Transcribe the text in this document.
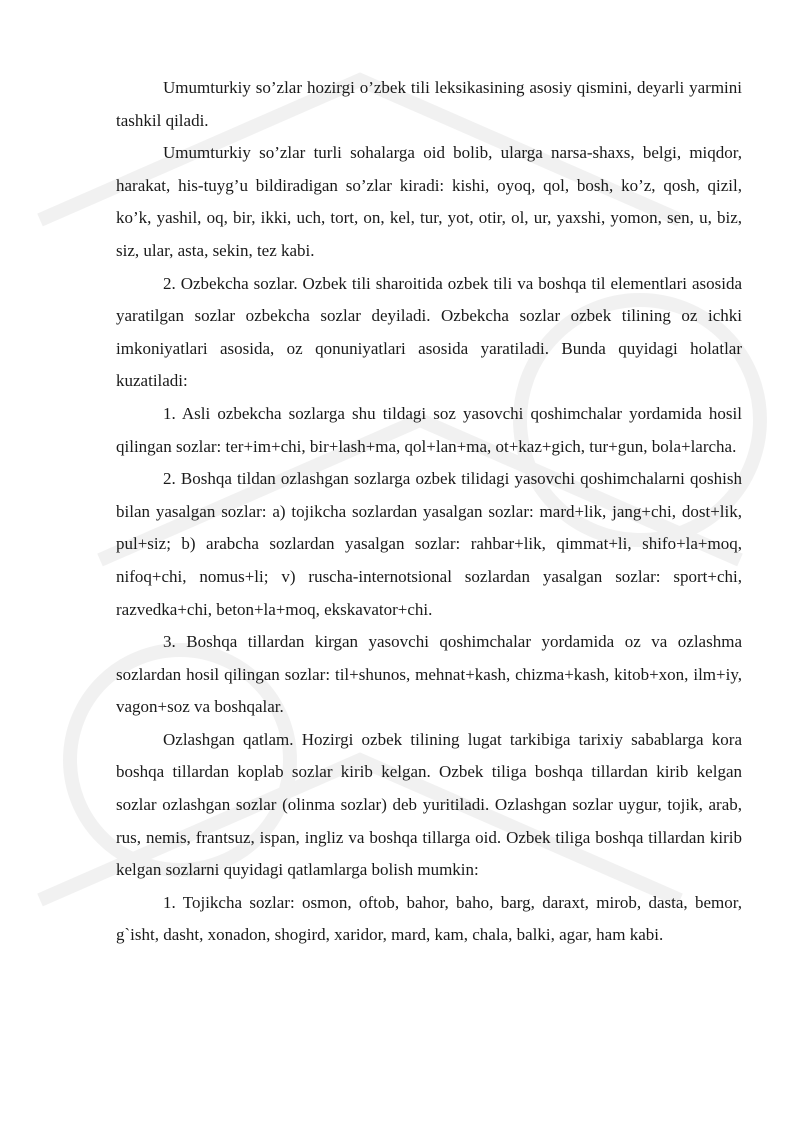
Umumturkiy so’zlar hozirgi o’zbek tili leksikasining asosiy qismini, deyarli yarmini tashkil qiladi.

Umumturkiy so’zlar turli sohalarga oid bolib, ularga narsa-shaxs, belgi, miqdor, harakat, his-tuyg’u bildiradigan so’zlar kiradi: kishi, oyoq, qol, bosh, ko’z, qosh, qizil, ko’k, yashil, oq, bir, ikki, uch, tort, on, kel, tur, yot, otir, ol, ur, yaxshi, yomon, sen, u, biz, siz, ular, asta, sekin, tez kabi.

2. Ozbekcha sozlar. Ozbek tili sharoitida ozbek tili va boshqa til elementlari asosida yaratilgan sozlar ozbekcha sozlar deyiladi. Ozbekcha sozlar ozbek tilining oz ichki imkoniyatlari asosida, oz qonuniyatlari asosida yaratiladi. Bunda quyidagi holatlar kuzatiladi:

1. Asli ozbekcha sozlarga shu tildagi soz yasovchi qoshimchalar yordamida hosil qilingan sozlar: ter+im+chi, bir+lash+ma, qol+lan+ma, ot+kaz+gich, tur+gun, bola+larcha.

2. Boshqa tildan ozlashgan sozlarga ozbek tilidagi yasovchi qoshimchalarni qoshish bilan yasalgan sozlar: a) tojikcha sozlardan yasalgan sozlar: mard+lik, jang+chi, dost+lik, pul+siz; b) arabcha sozlardan yasalgan sozlar: rahbar+lik, qimmat+li, shifo+la+moq, nifoq+chi, nomus+li; v) ruscha-internotsional sozlardan yasalgan sozlar: sport+chi, razvedka+chi, beton+la+moq, ekskavator+chi.

3. Boshqa tillardan kirgan yasovchi qoshimchalar yordamida oz va ozlashma sozlardan hosil qilingan sozlar: til+shunos, mehnat+kash, chizma+kash, kitob+xon, ilm+iy, vagon+soz va boshqalar.

Ozlashgan qatlam. Hozirgi ozbek tilining lugat tarkibiga tarixiy sabablarga kora boshqa tillardan koplab sozlar kirib kelgan. Ozbek tiliga boshqa tillardan kirib kelgan sozlar ozlashgan sozlar (olinma sozlar) deb yuritiladi. Ozlashgan sozlar uygur, tojik, arab, rus, nemis, frantsuz, ispan, ingliz va boshqa tillarga oid. Ozbek tiliga boshqa tillardan kirib kelgan sozlarni quyidagi qatlamlarga bolish mumkin:

1. Tojikcha sozlar: osmon, oftob, bahor, baho, barg, daraxt, mirob, dasta, bemor, g`isht, dasht, xonadon, shogird, xaridor, mard, kam, chala, balki, agar, ham kabi.
